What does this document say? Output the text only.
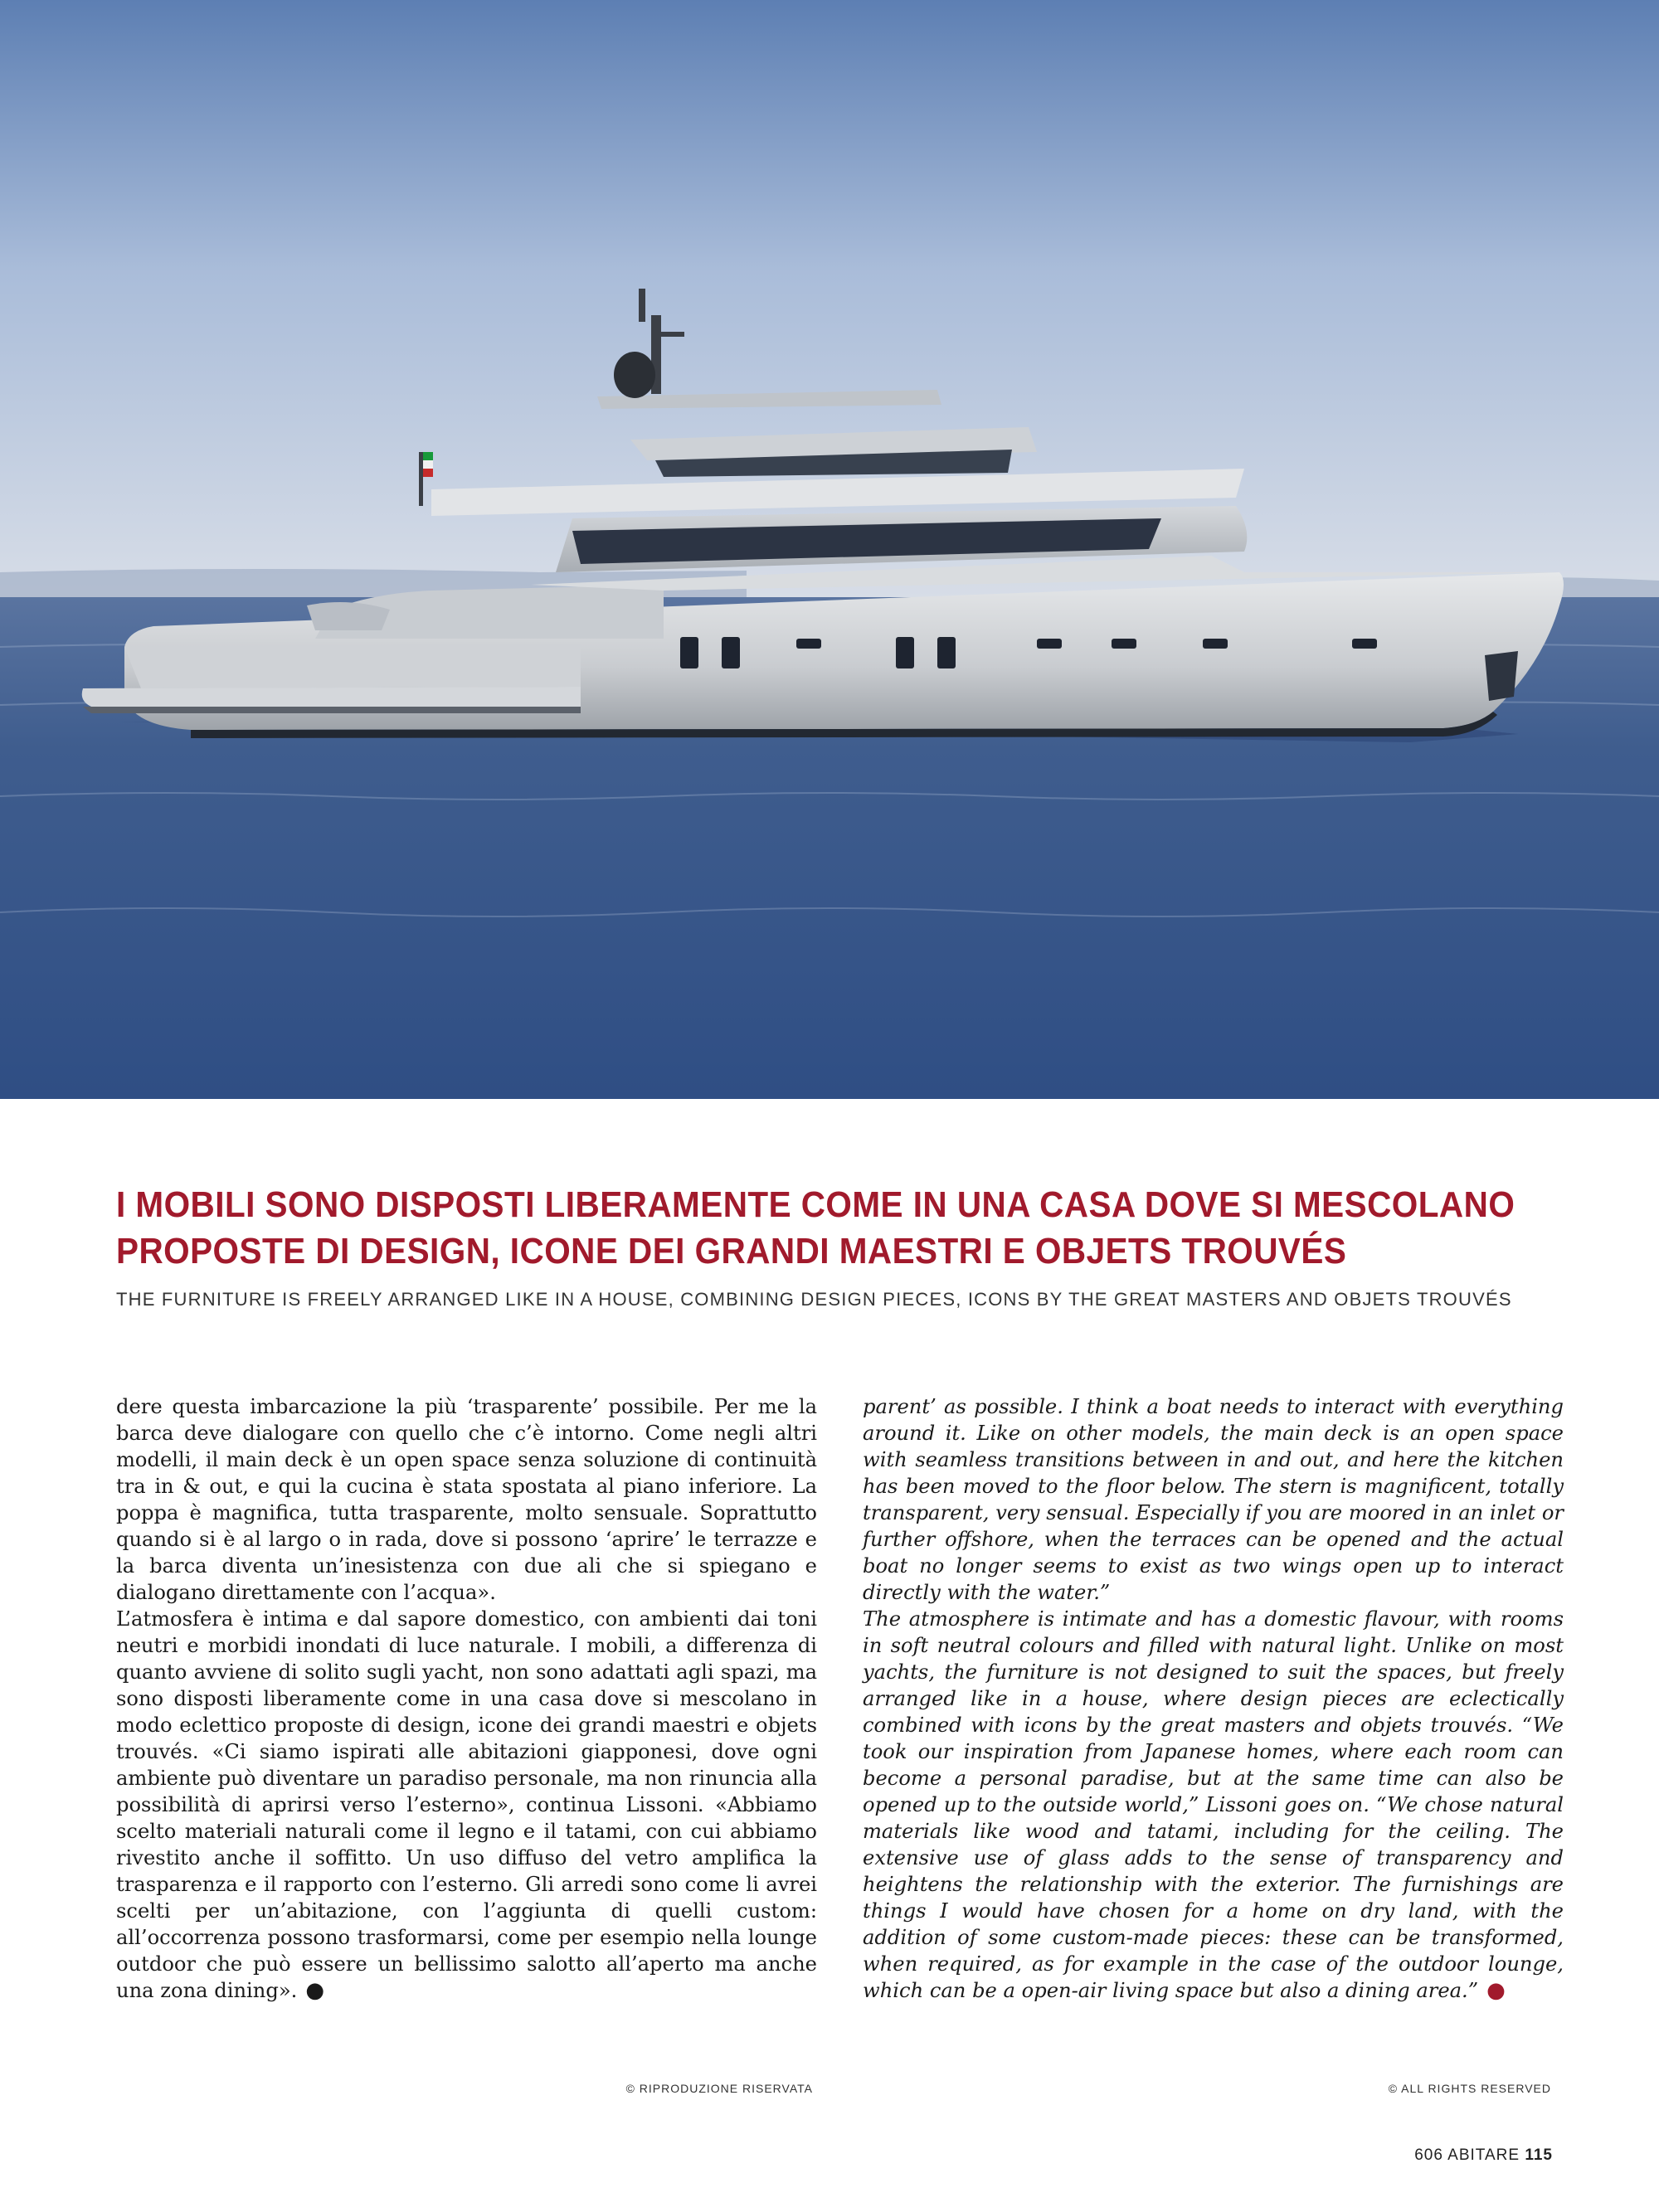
I MOBILI SONO DISPOSTI LIBERAMENTE COME IN UNA CASA DOVE SI MESCOLANO
PROPOSTE DI DESIGN, ICONE DEI GRANDI MAESTRI E OBJETS TROUVÉS
THE FURNITURE IS FREELY ARRANGED LIKE IN A HOUSE, COMBINING DESIGN PIECES, ICONS BY THE GREAT MASTERS AND OBJETS TROUVÉS

dere questa imbarcazione la più ‘trasparente’ possibile. Per me la barca deve dialogare con quello che c’è intorno. Come negli altri modelli, il main deck è un open space senza soluzione di continuità tra in & out, e qui la cucina è stata spostata al piano inferiore. La poppa è magnifica, tutta trasparente, molto sensuale. Soprattutto quando si è al largo o in rada, dove si possono ‘aprire’ le terrazze e la barca diventa un’inesistenza con due ali che si spiegano e dialogano direttamente con l’acqua».

L’atmosfera è intima e dal sapore domestico, con ambienti dai toni neutri e morbidi inondati di luce naturale. I mobili, a differenza di quanto avviene di solito sugli yacht, non sono adattati agli spazi, ma sono disposti liberamente come in una casa dove si mescolano in modo eclettico proposte di design, icone dei grandi maestri e objets trouvés. «Ci siamo ispirati alle abitazioni giapponesi, dove ogni ambiente può diventare un paradiso personale, ma non rinuncia alla possibilità di aprirsi verso l’esterno», continua Lissoni. «Abbiamo scelto materiali naturali come il legno e il tatami, con cui abbiamo rivestito anche il soffitto. Un uso diffuso del vetro amplifica la trasparenza e il rapporto con l’esterno. Gli arredi sono come li avrei scelti per un’abitazione, con l’aggiunta di quelli custom: all’occorrenza possono trasformarsi, come per esempio nella lounge outdoor che può essere un bellissimo salotto all’aperto ma anche una zona dining». ●

© RIPRODUZIONE RISERVATA

parent’ as possible. I think a boat needs to interact with everything around it. Like on other models, the main deck is an open space with seamless transitions between in and out, and here the kitchen has been moved to the floor below. The stern is magnificent, totally transparent, very sensual. Especially if you are moored in an inlet or further offshore, when the terraces can be opened and the actual boat no longer seems to exist as two wings open up to interact directly with the water.”

The atmosphere is intimate and has a domestic flavour, with rooms in soft neutral colours and filled with natural light. Unlike on most yachts, the furniture is not designed to suit the spaces, but freely arranged like in a house, where design pieces are eclectically combined with icons by the great masters and objets trouvés. “We took our inspiration from Japanese homes, where each room can become a personal paradise, but at the same time can also be opened up to the outside world,” Lissoni goes on. “We chose natural materials like wood and tatami, including for the ceiling. The extensive use of glass adds to the sense of transparency and heightens the relationship with the exterior. The furnishings are things I would have chosen for a home on dry land, with the addition of some custom-made pieces: these can be transformed, when required, as for example in the case of the outdoor lounge, which can be a open-air living space but also a dining area.” ●

© ALL RIGHTS RESERVED
606 ABITARE 115
